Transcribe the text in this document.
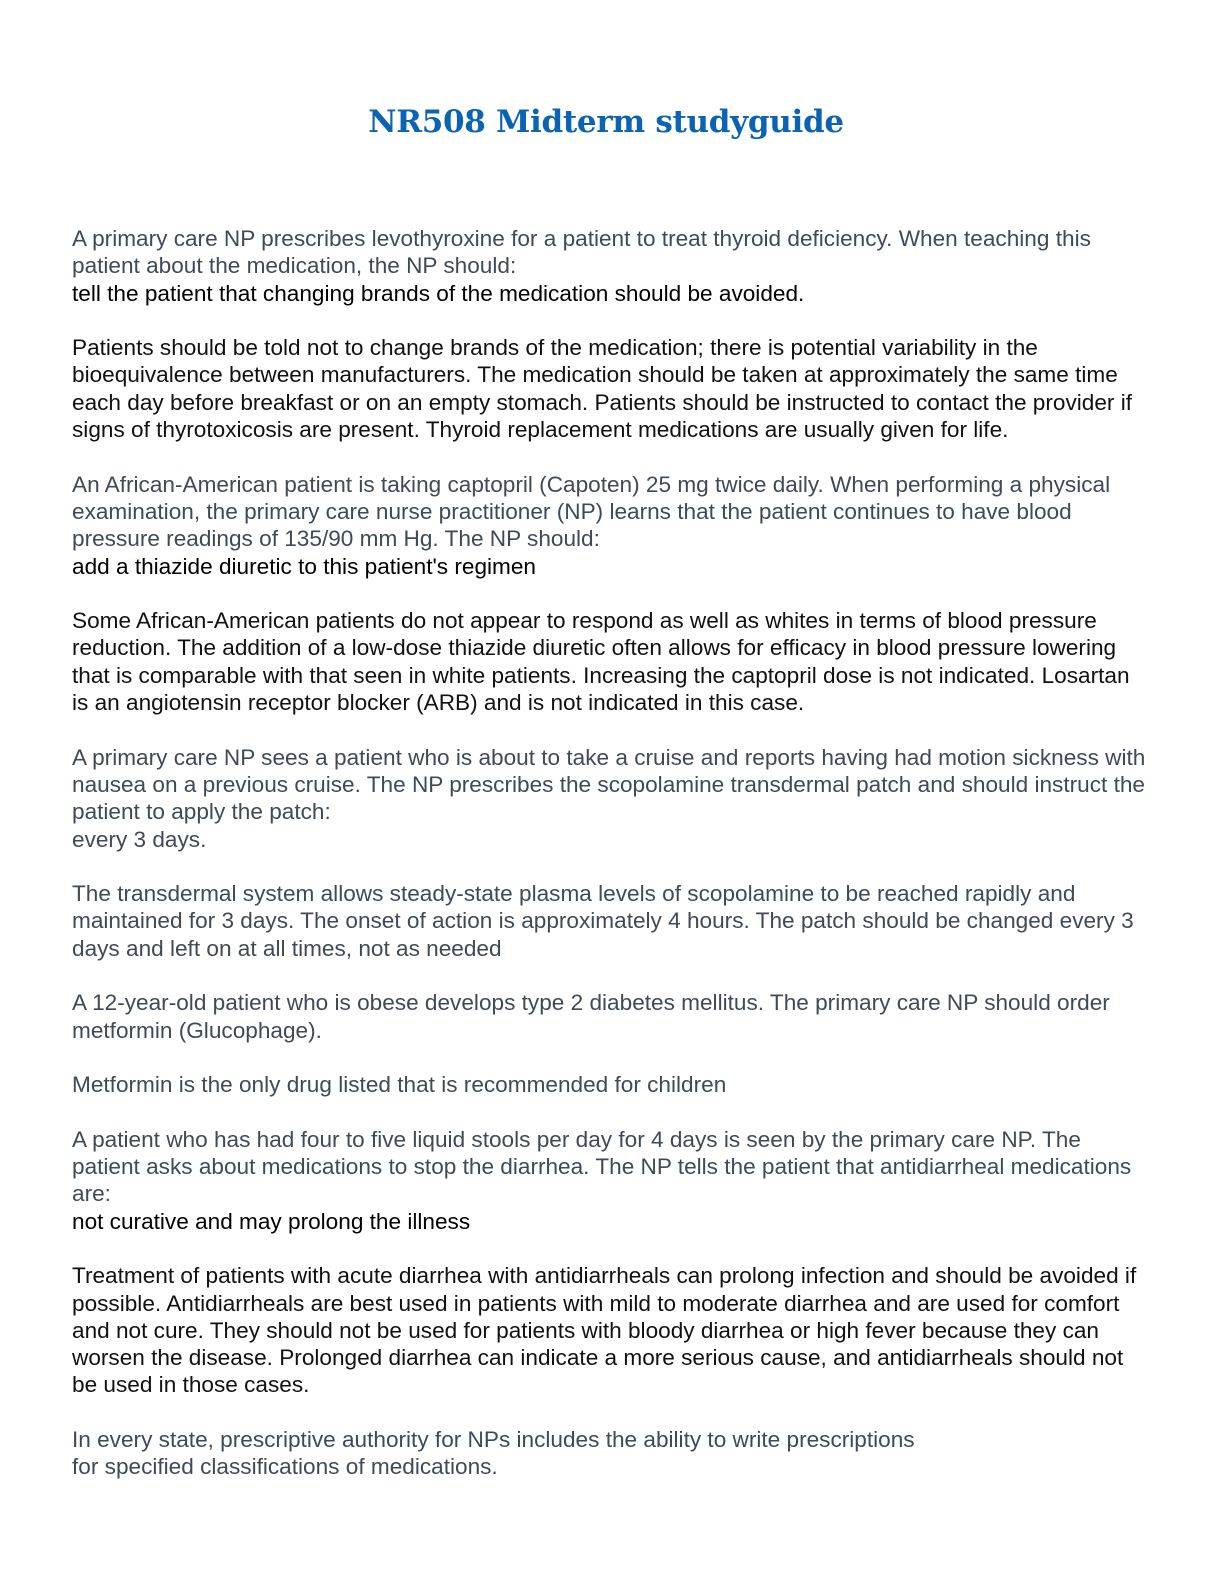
NR508 Midterm studyguide

A primary care NP prescribes levothyroxine for a patient to treat thyroid deficiency. When teaching this patient about the medication, the NP should:

tell the patient that changing brands of the medication should be avoided.

Patients should be told not to change brands of the medication; there is potential variability in the bioequivalence between manufacturers. The medication should be taken at approximately the same time each day before breakfast or on an empty stomach. Patients should be instructed to contact the provider if signs of thyrotoxicosis are present. Thyroid replacement medications are usually given for life.

An African-American patient is taking captopril (Capoten) 25 mg twice daily. When performing a physical examination, the primary care nurse practitioner (NP) learns that the patient continues to have blood pressure readings of 135/90 mm Hg. The NP should:

add a thiazide diuretic to this patient's regimen

Some African-American patients do not appear to respond as well as whites in terms of blood pressure reduction. The addition of a low-dose thiazide diuretic often allows for efficacy in blood pressure lowering that is comparable with that seen in white patients. Increasing the captopril dose is not indicated. Losartan is an angiotensin receptor blocker (ARB) and is not indicated in this case.

A primary care NP sees a patient who is about to take a cruise and reports having had motion sickness with nausea on a previous cruise. The NP prescribes the scopolamine transdermal patch and should instruct the patient to apply the patch:

every 3 days.

The transdermal system allows steady-state plasma levels of scopolamine to be reached rapidly and maintained for 3 days. The onset of action is approximately 4 hours. The patch should be changed every 3 days and left on at all times, not as needed

A 12-year-old patient who is obese develops type 2 diabetes mellitus. The primary care NP should order

metformin (Glucophage).

Metformin is the only drug listed that is recommended for children

A patient who has had four to five liquid stools per day for 4 days is seen by the primary care NP. The patient asks about medications to stop the diarrhea. The NP tells the patient that antidiarrheal medications are:

not curative and may prolong the illness

Treatment of patients with acute diarrhea with antidiarrheals can prolong infection and should be avoided if possible. Antidiarrheals are best used in patients with mild to moderate diarrhea and are used for comfort and not cure. They should not be used for patients with bloody diarrhea or high fever because they can worsen the disease. Prolonged diarrhea can indicate a more serious cause, and antidiarrheals should not be used in those cases.

In every state, prescriptive authority for NPs includes the ability to write prescriptions

for specified classifications of medications.
